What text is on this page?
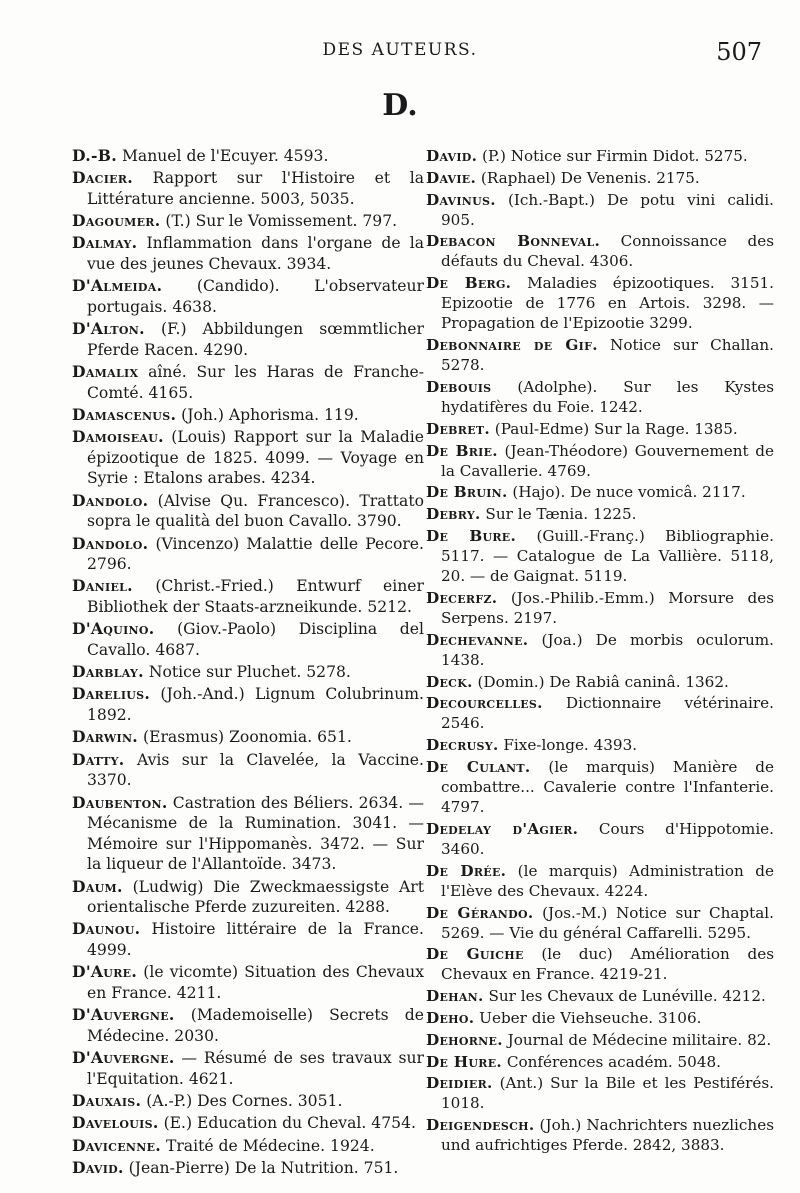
DES AUTEURS.	507
D.

D.-B. Manuel de l'Ecuyer. 4593.

Dacier. Rapport sur l'Histoire et la Littérature ancienne. 5003, 5035.

Dagoumer. (T.) Sur le Vomissement. 797.

Dalmay. Inflammation dans l'organe de la vue des jeunes Chevaux. 3934.

D'Almeida. (Candido). L'observateur portugais. 4638.

D'Alton. (F.) Abbildungen sœmmtlicher Pferde Racen. 4290.

Damalix aîné. Sur les Haras de Franche-Comté. 4165.

Damascenus. (Joh.) Aphorisma. 119.

Damoiseau. (Louis) Rapport sur la Maladie épizootique de 1825. 4099. — Voyage en Syrie : Etalons arabes. 4234.

Dandolo. (Alvise Qu. Francesco). Trattato sopra le qualità del buon Cavallo. 3790.

Dandolo. (Vincenzo) Malattie delle Pecore. 2796.

Daniel. (Christ.-Fried.) Entwurf einer Bibliothek der Staats-arzneikunde. 5212.

D'Aquino. (Giov.-Paolo) Disciplina del Cavallo. 4687.

Darblay. Notice sur Pluchet. 5278.

Darelius. (Joh.-And.) Lignum Colubrinum. 1892.

Darwin. (Erasmus) Zoonomia. 651.

Datty. Avis sur la Clavelée, la Vaccine. 3370.

Daubenton. Castration des Béliers. 2634. — Mécanisme de la Rumination. 3041. — Mémoire sur l'Hippomanès. 3472. — Sur la liqueur de l'Allantoïde. 3473.

Daum. (Ludwig) Die Zweckmaessigste Art orientalische Pferde zuzureiten. 4288.

Daunou. Histoire littéraire de la France. 4999.

D'Aure. (le vicomte) Situation des Chevaux en France. 4211.

D'Auvergne. (Mademoiselle) Secrets de Médecine. 2030.

D'Auvergne. — Résumé de ses travaux sur l'Equitation. 4621.

Dauxais. (A.-P.) Des Cornes. 3051.

Davelouis. (E.) Education du Cheval. 4754.

Davicenne. Traité de Médecine. 1924.

David. (Jean-Pierre) De la Nutrition. 751.

David. (P.) Notice sur Firmin Didot. 5275.

Davie. (Raphael) De Venenis. 2175.

Davinus. (Ich.-Bapt.) De potu vini calidi. 905.

Debacon Bonneval. Connoissance des défauts du Cheval. 4306.

De Berg. Maladies épizootiques. 3151. Epizootie de 1776 en Artois. 3298. — Propagation de l'Epizootie 3299.

Debonnaire de Gif. Notice sur Challan. 5278.

Debouis (Adolphe). Sur les Kystes hydatifères du Foie. 1242.

Debret. (Paul-Edme) Sur la Rage. 1385.

De Brie. (Jean-Théodore) Gouvernement de la Cavallerie. 4769.

De Bruin. (Hajo). De nuce vomicâ. 2117.

Debry. Sur le Tænia. 1225.

De Bure. (Guill.-Franç.) Bibliographie. 5117. — Catalogue de La Vallière. 5118, 20. — de Gaignat. 5119.

Decerfz. (Jos.-Philib.-Emm.) Morsure des Serpens. 2197.

Dechevanne. (Joa.) De morbis oculorum. 1438.

Deck. (Domin.) De Rabiâ caninâ. 1362.

Decourcelles. Dictionnaire vétérinaire. 2546.

Decrusy. Fixe-longe. 4393.

De Culant. (le marquis) Manière de combattre... Cavalerie contre l'Infanterie. 4797.

Dedelay d'Agier. Cours d'Hippotomie. 3460.

De Drée. (le marquis) Administration de l'Elève des Chevaux. 4224.

De Gérando. (Jos.-M.) Notice sur Chaptal. 5269. — Vie du général Caffarelli. 5295.

De Guiche (le duc) Amélioration des Chevaux en France. 4219-21.

Dehan. Sur les Chevaux de Lunéville. 4212.

Deho. Ueber die Viehseuche. 3106.

Dehorne. Journal de Médecine militaire. 82.

De Hure. Conférences académ. 5048.

Deidier. (Ant.) Sur la Bile et les Pestiférés. 1018.

Deigendesch. (Joh.) Nachrichters nuezliches und aufrichtiges Pferde. 2842, 3883.
